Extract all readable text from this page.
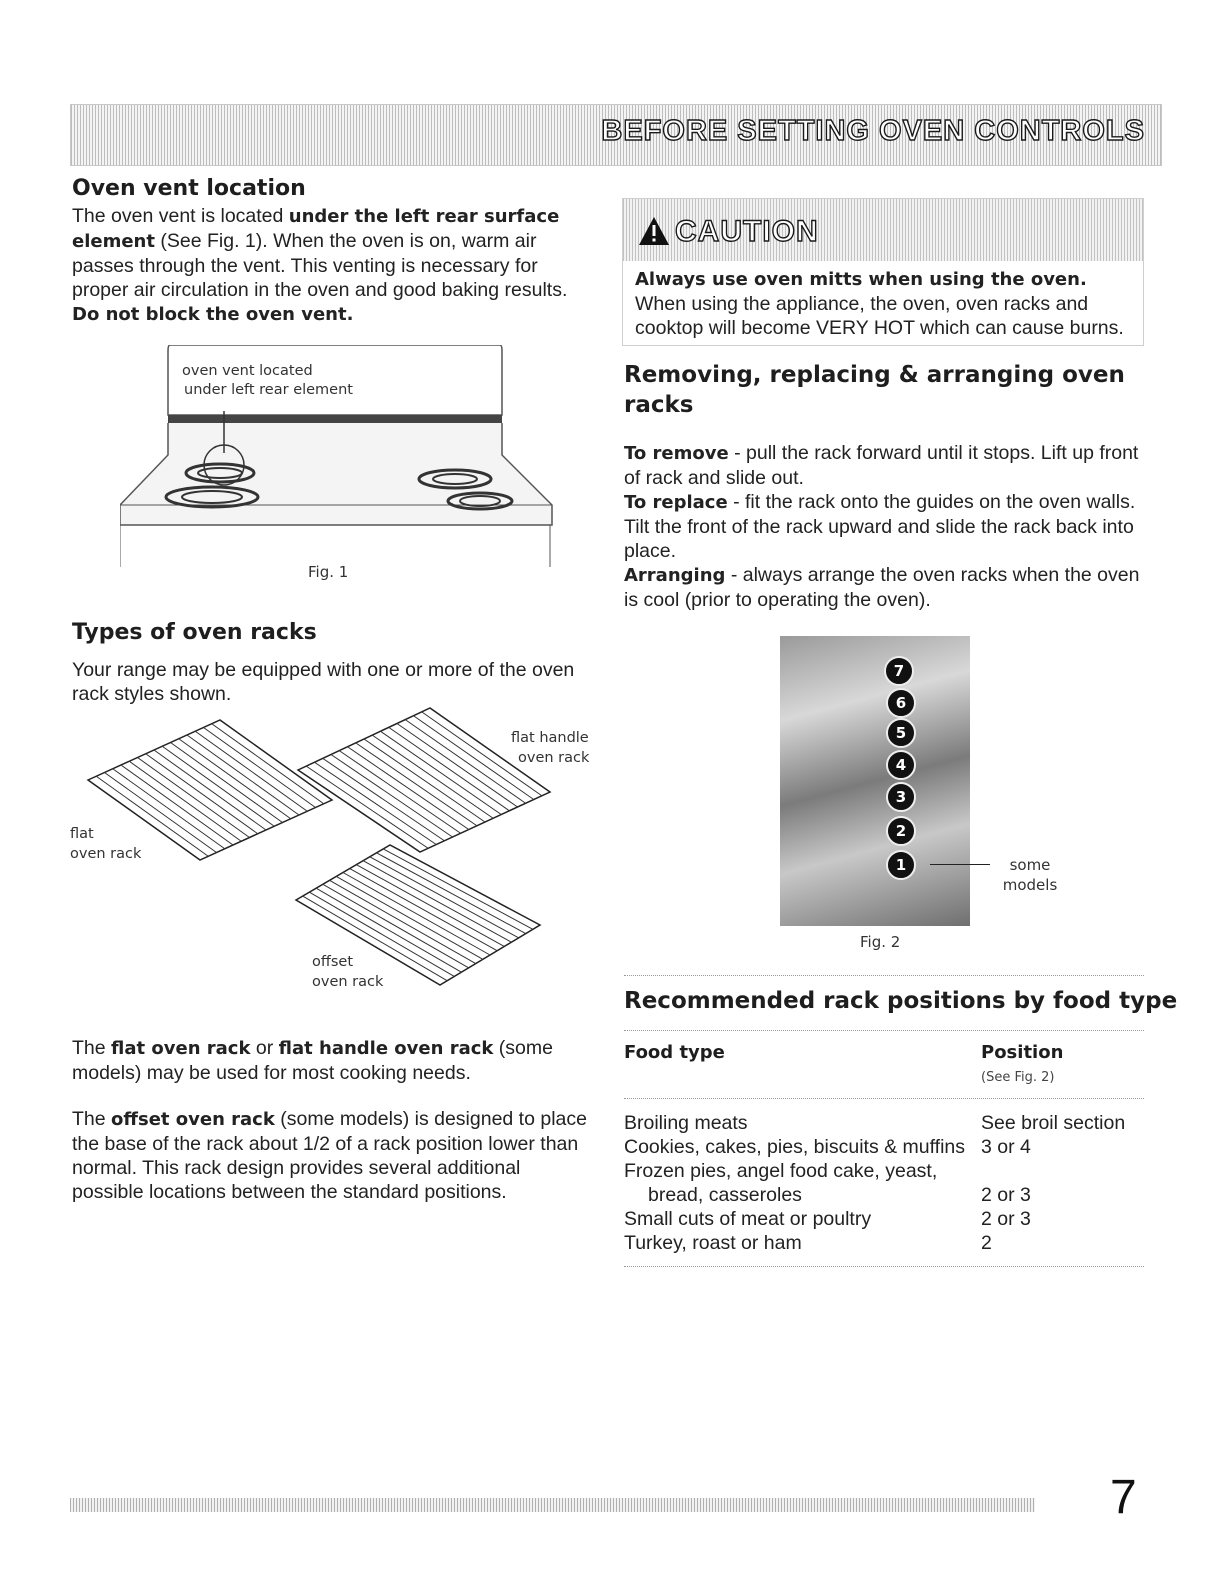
BEFORE SETTING OVEN CONTROLS
Oven vent location
The oven vent is located under the left rear surface element (See Fig. 1). When the oven is on, warm air passes through the vent. This venting is necessary for proper air circulation in the oven and good baking results.
Do not block the oven vent.
oven vent located
under left rear element
Fig. 1
Types of oven racks
Your range may be equipped with one or more of the oven rack styles shown.
flat
oven rack
flat handle
oven rack
offset
oven rack
The flat oven rack or flat handle oven rack (some models) may be used for most cooking needs.
The offset oven rack (some models) is designed to place the base of the rack about 1/2 of a rack position lower than normal. This rack design provides several additional possible locations between the standard positions.
CAUTION
Always use oven mitts when using the oven. When using the appliance, the oven, oven racks and cooktop will become VERY HOT which can cause burns.
Removing, replacing & arranging oven racks
To remove - pull the rack forward until it stops. Lift up front of rack and slide out.
To replace - fit the rack onto the guides on the oven walls. Tilt the front of the rack upward and slide the rack back into place.
Arranging - always arrange the oven racks when the oven is cool (prior to operating the oven).
7
6
5
4
3
2
1	some models
Fig. 2
Recommended rack positions by food type
Food type	Position
(See Fig. 2)
Broiling meats	See broil section
Cookies, cakes, pies, biscuits & muffins 3 or 4
Frozen pies, angel food cake, yeast,
bread, casseroles	2 or 3
Small cuts of meat or poultry	2 or 3
Turkey, roast or ham	2
7
